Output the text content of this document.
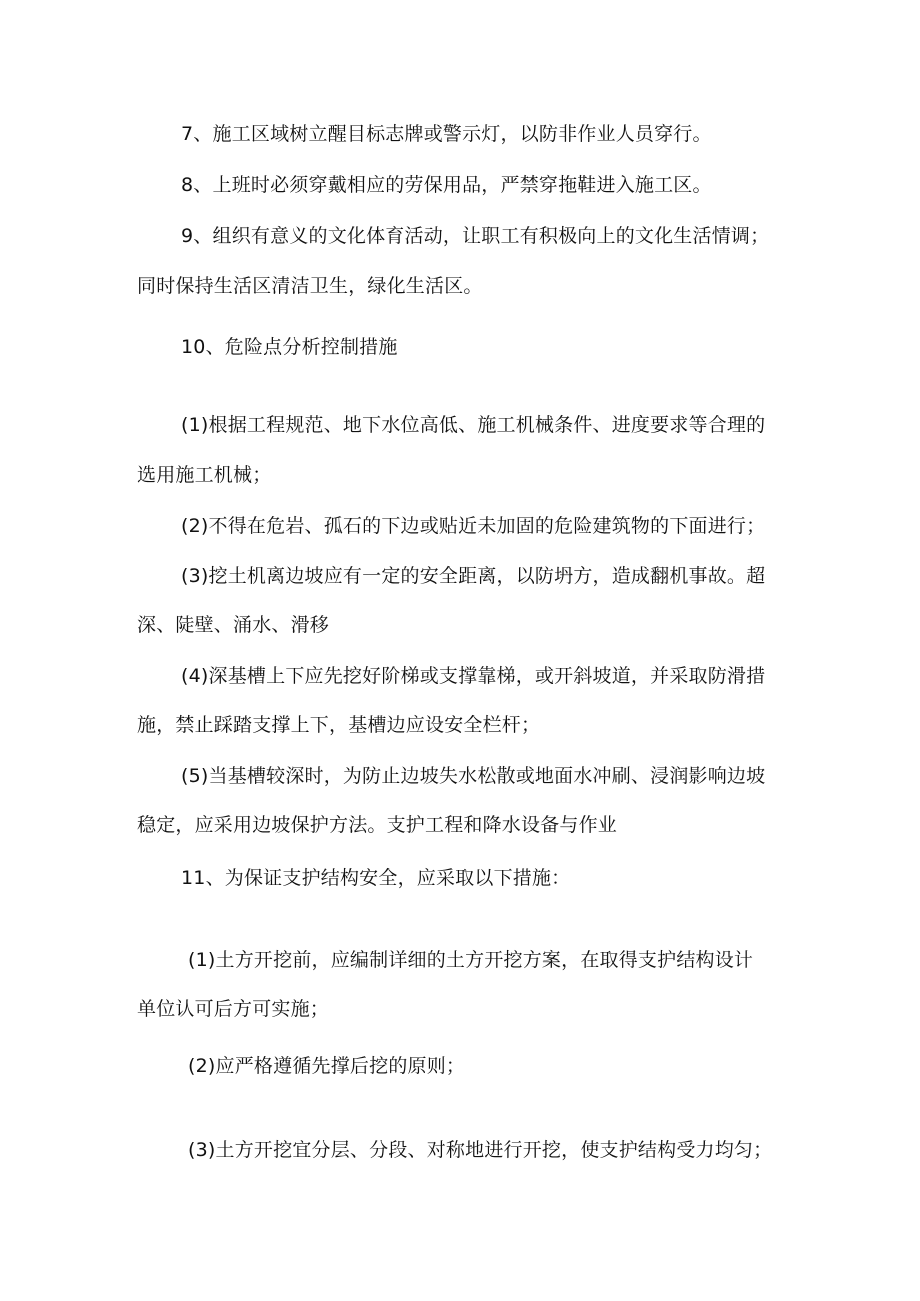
7、施工区域树立醒目标志牌或警示灯，以防非作业人员穿行。
8、上班时必须穿戴相应的劳保用品，严禁穿拖鞋进入施工区。
9、组织有意义的文化体育活动，让职工有积极向上的文化生活情调；
同时保持生活区清洁卫生，绿化生活区。
10、危险点分析控制措施
(1)根据工程规范、地下水位高低、施工机械条件、进度要求等合理的
选用施工机械；
(2)不得在危岩、孤石的下边或贴近未加固的危险建筑物的下面进行；
(3)挖土机离边坡应有一定的安全距离，以防坍方，造成翻机事故。超
深、陡壁、涌水、滑移
(4)深基槽上下应先挖好阶梯或支撑靠梯，或开斜坡道，并采取防滑措
施，禁止踩踏支撑上下，基槽边应设安全栏杆；
(5)当基槽较深时，为防止边坡失水松散或地面水冲刷、浸润影响边坡
稳定，应采用边坡保护方法。支护工程和降水设备与作业
11、为保证支护结构安全，应采取以下措施：
(1)土方开挖前，应编制详细的土方开挖方案，在取得支护结构设计
单位认可后方可实施；
(2)应严格遵循先撑后挖的原则；
(3)土方开挖宜分层、分段、对称地进行开挖，使支护结构受力均匀；
